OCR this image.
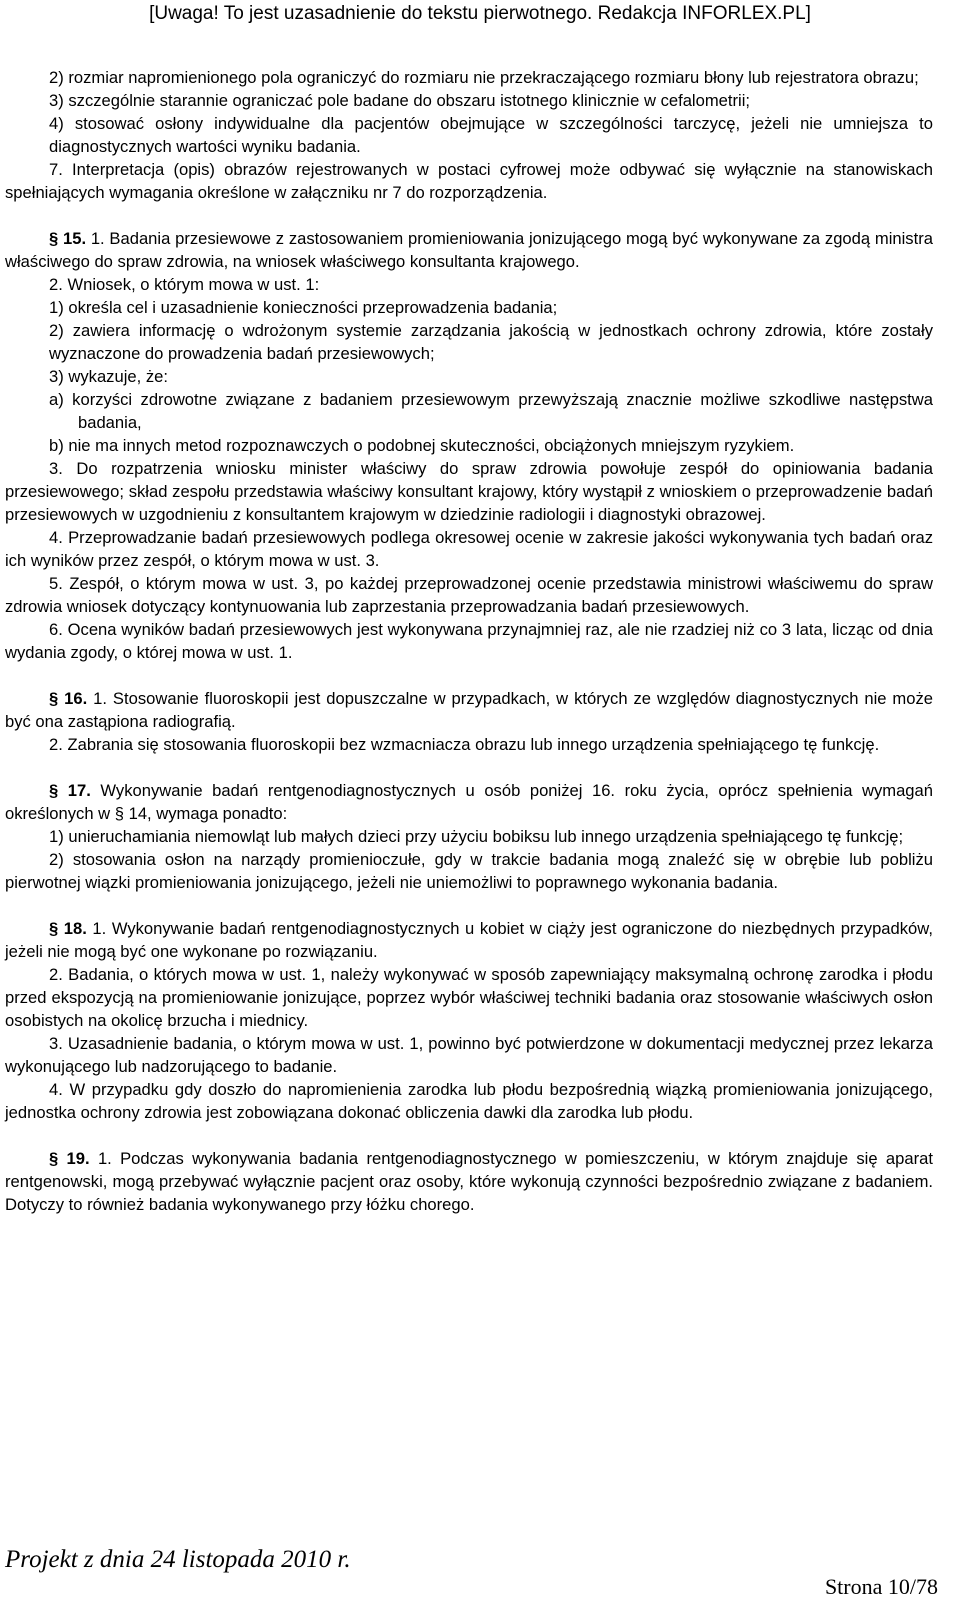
[Uwaga! To jest uzasadnienie do tekstu pierwotnego. Redakcja INFORLEX.PL]

2) rozmiar napromienionego pola ograniczyć do rozmiaru nie przekraczającego rozmiaru błony lub rejestratora obrazu;

3) szczególnie starannie ograniczać pole badane do obszaru istotnego klinicznie w cefalometrii;

4) stosować osłony indywidualne dla pacjentów obejmujące w szczególności tarczycę, jeżeli nie umniejsza to diagnostycznych wartości wyniku badania.

7. Interpretacja (opis) obrazów rejestrowanych w postaci cyfrowej może odbywać się wyłącznie na stanowiskach spełniających wymagania określone w załączniku nr 7 do rozporządzenia.

§ 15. 1. Badania przesiewowe z zastosowaniem promieniowania jonizującego mogą być wykonywane za zgodą ministra właściwego do spraw zdrowia, na wniosek właściwego konsultanta krajowego.

2. Wniosek, o którym mowa w ust. 1:

1) określa cel i uzasadnienie konieczności przeprowadzenia badania;

2) zawiera informację o wdrożonym systemie zarządzania jakością w jednostkach ochrony zdrowia, które zostały wyznaczone do prowadzenia badań przesiewowych;

3) wykazuje, że:

a) korzyści zdrowotne związane z badaniem przesiewowym przewyższają znacznie możliwe szkodliwe następstwa badania,

b) nie ma innych metod rozpoznawczych o podobnej skuteczności, obciążonych mniejszym ryzykiem.

3. Do rozpatrzenia wniosku minister właściwy do spraw zdrowia powołuje zespół do opiniowania badania przesiewowego; skład zespołu przedstawia właściwy konsultant krajowy, który wystąpił z wnioskiem o przeprowadzenie badań przesiewowych w uzgodnieniu z konsultantem krajowym w dziedzinie radiologii i diagnostyki obrazowej.

4. Przeprowadzanie badań przesiewowych podlega okresowej ocenie w zakresie jakości wykonywania tych badań oraz ich wyników przez zespół, o którym mowa w ust. 3.

5. Zespół, o którym mowa w ust. 3, po każdej przeprowadzonej ocenie przedstawia ministrowi właściwemu do spraw zdrowia wniosek dotyczący kontynuowania lub zaprzestania przeprowadzania badań przesiewowych.

6. Ocena wyników badań przesiewowych jest wykonywana przynajmniej raz, ale nie rzadziej niż co 3 lata, licząc od dnia wydania zgody, o której mowa w ust. 1.

§ 16. 1. Stosowanie fluoroskopii jest dopuszczalne w przypadkach, w których ze względów diagnostycznych nie może być ona zastąpiona radiografią.

2. Zabrania się stosowania fluoroskopii bez wzmacniacza obrazu lub innego urządzenia spełniającego tę funkcję.

§ 17. Wykonywanie badań rentgenodiagnostycznych u osób poniżej 16. roku życia, oprócz spełnienia wymagań określonych w § 14, wymaga ponadto:

1) unieruchamiania niemowląt lub małych dzieci przy użyciu bobiksu lub innego urządzenia spełniającego tę funkcję;

2) stosowania osłon na narządy promienioczułe, gdy w trakcie badania mogą znaleźć się w obrębie lub pobliżu pierwotnej wiązki promieniowania jonizującego, jeżeli nie uniemożliwi to poprawnego wykonania badania.

§ 18. 1. Wykonywanie badań rentgenodiagnostycznych u kobiet w ciąży jest ograniczone do niezbędnych przypadków, jeżeli nie mogą być one wykonane po rozwiązaniu.

2. Badania, o których mowa w ust. 1, należy wykonywać w sposób zapewniający maksymalną ochronę zarodka i płodu przed ekspozycją na promieniowanie jonizujące, poprzez wybór właściwej techniki badania oraz stosowanie właściwych osłon osobistych na okolicę brzucha i miednicy.

3. Uzasadnienie badania, o którym mowa w ust. 1, powinno być potwierdzone w dokumentacji medycznej przez lekarza wykonującego lub nadzorującego to badanie.

4. W przypadku gdy doszło do napromienienia zarodka lub płodu bezpośrednią wiązką promieniowania jonizującego, jednostka ochrony zdrowia jest zobowiązana dokonać obliczenia dawki dla zarodka lub płodu.

§ 19. 1. Podczas wykonywania badania rentgenodiagnostycznego w pomieszczeniu, w którym znajduje się aparat rentgenowski, mogą przebywać wyłącznie pacjent oraz osoby, które wykonują czynności bezpośrednio związane z badaniem. Dotyczy to również badania wykonywanego przy łóżku chorego.

Projekt z dnia 24 listopada 2010 r.
Strona 10/78
